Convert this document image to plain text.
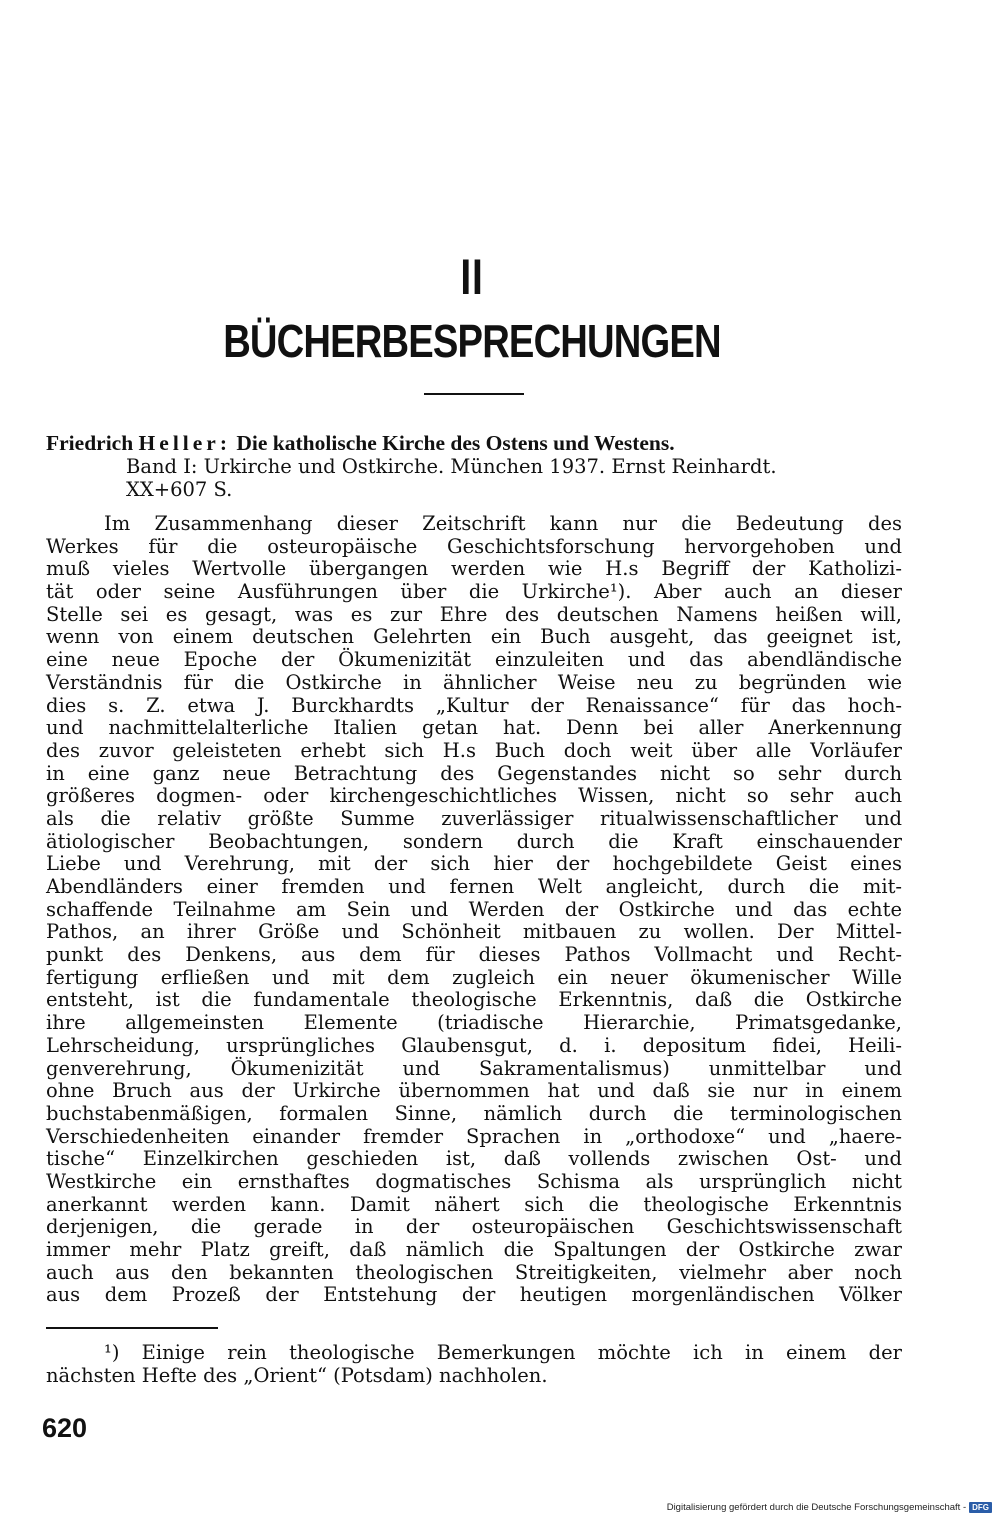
II
BÜCHERBESPRECHUNGEN
Friedrich Heller: Die katholische Kirche des Ostens und Westens.
Band I: Urkirche und Ostkirche. München 1937. Ernst Reinhardt.
XX+607 S.
Im Zusammenhang dieser Zeitschrift kann nur die Bedeutung des
Werkes für die osteuropäische Geschichtsforschung hervorgehoben und
muß vieles Wertvolle übergangen werden wie H.s Begriff der Katholizi-
tät oder seine Ausführungen über die Urkirche¹). Aber auch an dieser
Stelle sei es gesagt, was es zur Ehre des deutschen Namens heißen will,
wenn von einem deutschen Gelehrten ein Buch ausgeht, das geeignet ist,
eine neue Epoche der Ökumenizität einzuleiten und das abendländische
Verständnis für die Ostkirche in ähnlicher Weise neu zu begründen wie
dies s. Z. etwa J. Burckhardts „Kultur der Renaissance“ für das hoch-
und nachmittelalterliche Italien getan hat. Denn bei aller Anerkennung
des zuvor geleisteten erhebt sich H.s Buch doch weit über alle Vorläufer
in eine ganz neue Betrachtung des Gegenstandes nicht so sehr durch
größeres dogmen- oder kirchengeschichtliches Wissen, nicht so sehr auch
als die relativ größte Summe zuverlässiger ritualwissenschaftlicher und
ätiologischer Beobachtungen, sondern durch die Kraft einschauender
Liebe und Verehrung, mit der sich hier der hochgebildete Geist eines
Abendländers einer fremden und fernen Welt angleicht, durch die mit-
schaffende Teilnahme am Sein und Werden der Ostkirche und das echte
Pathos, an ihrer Größe und Schönheit mitbauen zu wollen. Der Mittel-
punkt des Denkens, aus dem für dieses Pathos Vollmacht und Recht-
fertigung erfließen und mit dem zugleich ein neuer ökumenischer Wille
entsteht, ist die fundamentale theologische Erkenntnis, daß die Ostkirche
ihre allgemeinsten Elemente (triadische Hierarchie, Primatsgedanke,
Lehrscheidung, ursprüngliches Glaubensgut, d. i. depositum fidei, Heili-
genverehrung, Ökumenizität und Sakramentalismus) unmittelbar und
ohne Bruch aus der Urkirche übernommen hat und daß sie nur in einem
buchstabenmäßigen, formalen Sinne, nämlich durch die terminologischen
Verschiedenheiten einander fremder Sprachen in „orthodoxe“ und „haere-
tische“ Einzelkirchen geschieden ist, daß vollends zwischen Ost- und
Westkirche ein ernsthaftes dogmatisches Schisma als ursprünglich nicht
anerkannt werden kann. Damit nähert sich die theologische Erkenntnis
derjenigen, die gerade in der osteuropäischen Geschichtswissenschaft
immer mehr Platz greift, daß nämlich die Spaltungen der Ostkirche zwar
auch aus den bekannten theologischen Streitigkeiten, vielmehr aber noch
aus dem Prozeß der Entstehung der heutigen morgenländischen Völker
¹) Einige rein theologische Bemerkungen möchte ich in einem der
nächsten Hefte des „Orient“ (Potsdam) nachholen.
620
Digitalisierung gefördert durch die Deutsche Forschungsgemeinschaft - DFG
